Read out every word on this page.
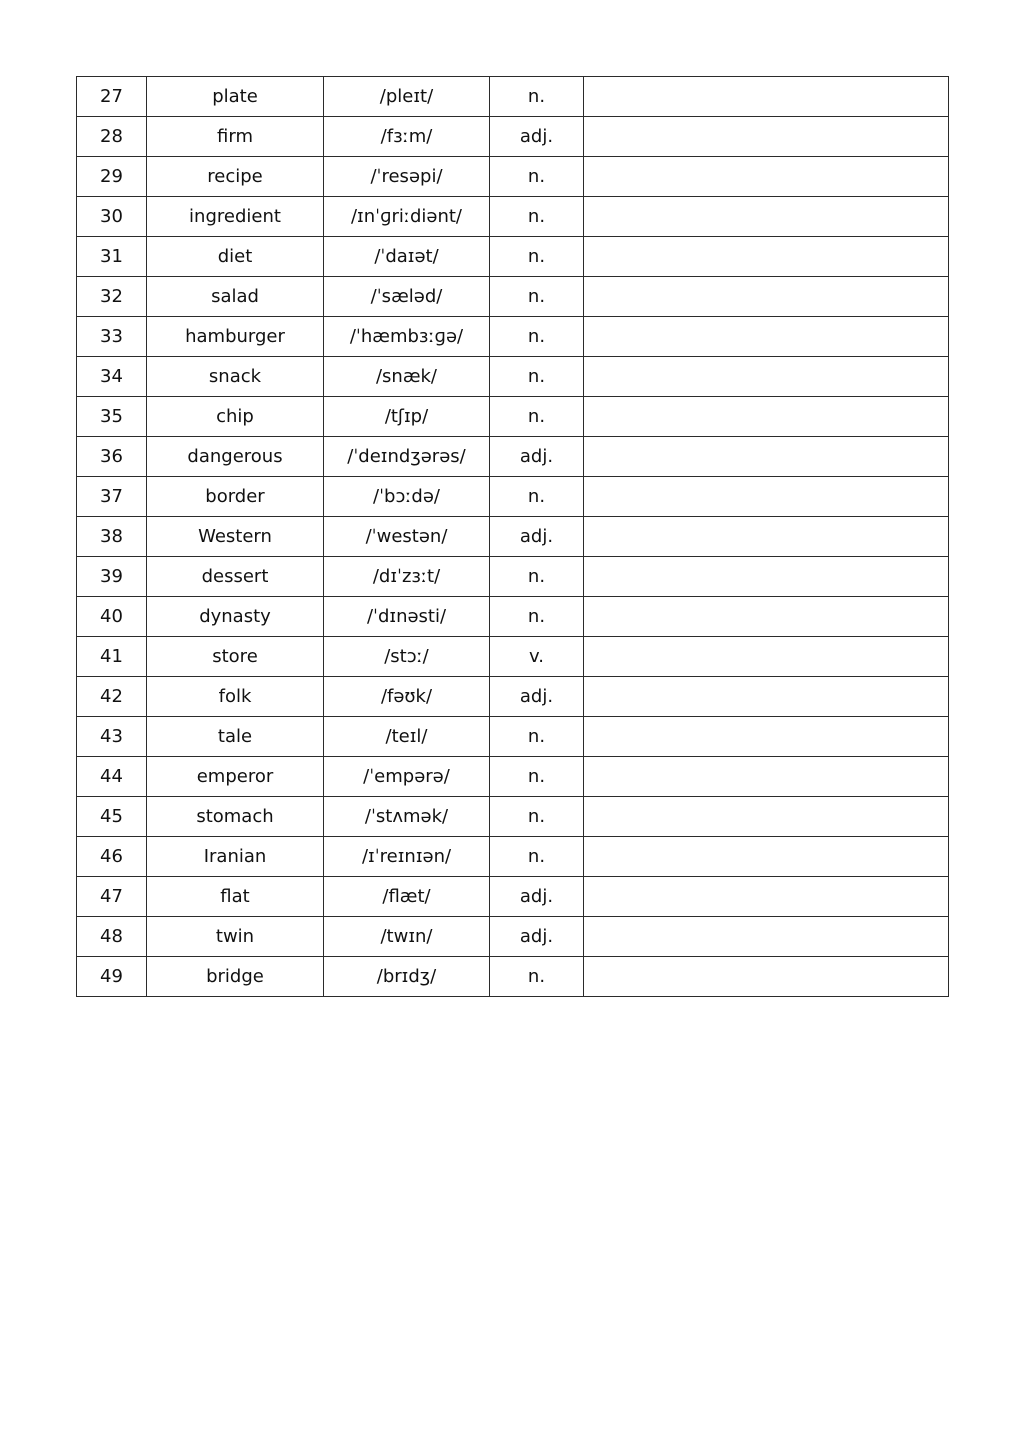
27	plate	/pleɪt/	n.	
28	firm	/fɜːm/	adj.	
29	recipe	/ˈresəpi/	n.	
30	ingredient	/ɪnˈɡriːdiənt/	n.	
31	diet	/ˈdaɪət/	n.	
32	salad	/ˈsæləd/	n.	
33	hamburger	/ˈhæmbɜːɡə/	n.	
34	snack	/snæk/	n.	
35	chip	/tʃɪp/	n.	
36	dangerous	/ˈdeɪndʒərəs/	adj.	
37	border	/ˈbɔːdə/	n.	
38	Western	/ˈwestən/	adj.	
39	dessert	/dɪˈzɜːt/	n.	
40	dynasty	/ˈdɪnəsti/	n.	
41	store	/stɔː/	v.	
42	folk	/fəʊk/	adj.	
43	tale	/teɪl/	n.	
44	emperor	/ˈempərə/	n.	
45	stomach	/ˈstʌmək/	n.	
46	Iranian	/ɪˈreɪnɪən/	n.	
47	flat	/flæt/	adj.	
48	twin	/twɪn/	adj.	
49	bridge	/brɪdʒ/	n.	
